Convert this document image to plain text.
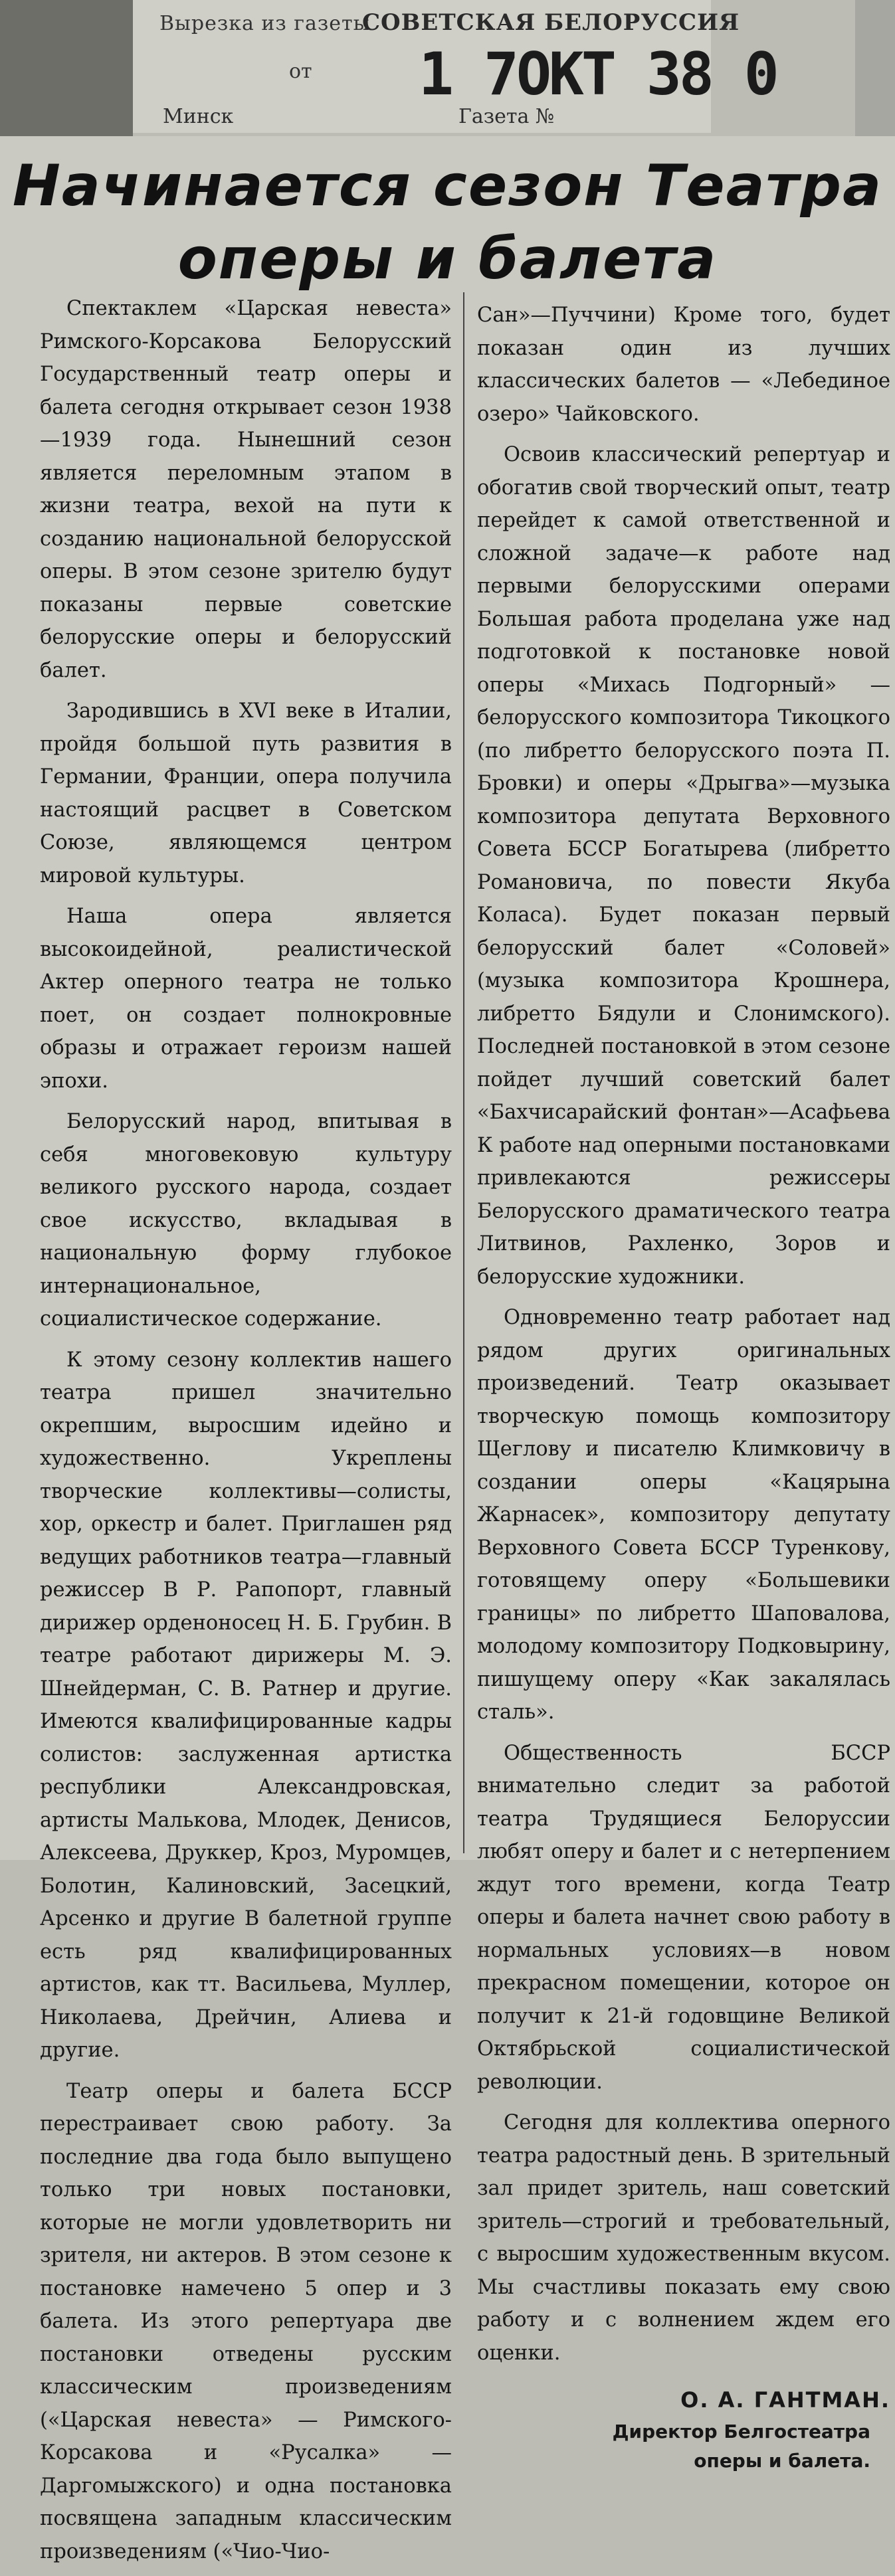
Вырезка из газеты
СОВЕТСКАЯ БЕЛОРУССИЯ
от 1 7ОКТ 38 0
Минск	Газета №
Начинается сезон Театра
оперы и балета

Спектаклем «Царская невеста» Римского-Корсакова Белорусский Государственный театр оперы и балета сегодня открывает сезон 1938—1939 года. Нынешний сезон является переломным этапом в жизни театра, вехой на пути к созданию национальной белорусской оперы. В этом сезоне зрителю будут показаны первые советские белорусские оперы и белорусский балет.

Зародившись в XVI веке в Италии, пройдя большой путь развития в Германии, Франции, опера получила настоящий расцвет в Советском Союзе, являющемся центром мировой культуры.

Наша опера является высокоидейной, реалистической Актер оперного театра не только поет, он создает полнокровные образы и отражает героизм нашей эпохи.

Белорусский народ, впитывая в себя многовековую культуру великого русского народа, создает свое искусство, вкладывая в национальную форму глубокое интернациональное, социалистическое содержание.

К этому сезону коллектив нашего театра пришел значительно окрепшим, выросшим идейно и художественно. Укреплены творческие коллективы—солисты, хор, оркестр и балет. Приглашен ряд ведущих работников театра—главный режиссер В Р. Рапопорт, главный дирижер орденоносец Н. Б. Грубин. В театре работают дирижеры М. Э. Шнейдерман, С. В. Ратнер и другие. Имеются квалифицированные кадры солистов: заслуженная артистка республики Александровская, артисты Малькова, Млодек, Денисов, Алексеева, Друккер, Кроз, Муромцев, Болотин, Калиновский, Засецкий, Арсенко и другие В балетной группе есть ряд квалифицированных артистов, как тт. Васильева, Муллер, Николаева, Дрейчин, Алиева и другие.

Театр оперы и балета БССР перестраивает свою работу. За последние два года было выпущено только три новых постановки, которые не могли удовлетворить ни зрителя, ни актеров. В этом сезоне к постановке намечено 5 опер и 3 балета. Из этого репертуара две постановки отведены русским классическим произведениям («Царская невеста» — Римского-Корсакова и «Русалка» — Даргомыжского) и одна постановка посвящена западным классическим произведениям («Чио-Чио-

Сан»—Пуччини) Кроме того, будет показан один из лучших классических балетов — «Лебединое озеро» Чайковского.

Освоив классический репертуар и обогатив свой творческий опыт, театр перейдет к самой ответственной и сложной задаче—к работе над первыми белорусскими операми Большая работа проделана уже над подготовкой к постановке новой оперы «Михась Подгорный» — белорусского композитора Тикоцкого (по либретто белорусского поэта П. Бровки) и оперы «Дрыгва»—музыка композитора депутата Верховного Совета БССР Богатырева (либретто Романовича, по повести Якуба Коласа). Будет показан первый белорусский балет «Соловей» (музыка композитора Крошнера, либретто Бядули и Слонимского). Последней постановкой в этом сезоне пойдет лучший советский балет «Бахчисарайский фонтан»—Асафьева К работе над оперными постановками привлекаются режиссеры Белорусского драматического театра Литвинов, Рахленко, Зоров и белорусские художники.

Одновременно театр работает над рядом других оригинальных произведений. Театр оказывает творческую помощь композитору Щеглову и писателю Климковичу в создании оперы «Кацярына Жарнасек», композитору депутату Верховного Совета БССР Туренкову, готовящему оперу «Большевики границы» по либретто Шаповалова, молодому композитору Подковырину, пишущему оперу «Как закалялась сталь».

Общественность БССР внимательно следит за работой театра Трудящиеся Белоруссии любят оперу и балет и с нетерпением ждут того времени, когда Театр оперы и балета начнет свою работу в нормальных условиях—в новом прекрасном помещении, которое он получит к 21-й годовщине Великой Октябрьской социалистической революции.

Сегодня для коллектива оперного театра радостный день. В зрительный зал придет зритель, наш советский зритель—строгий и требовательный, с выросшим художественным вкусом. Мы счастливы показать ему свою работу и с волнением ждем его оценки.

О. А. ГАНТМАН.
Директор Белгостеатра
оперы и балета.
